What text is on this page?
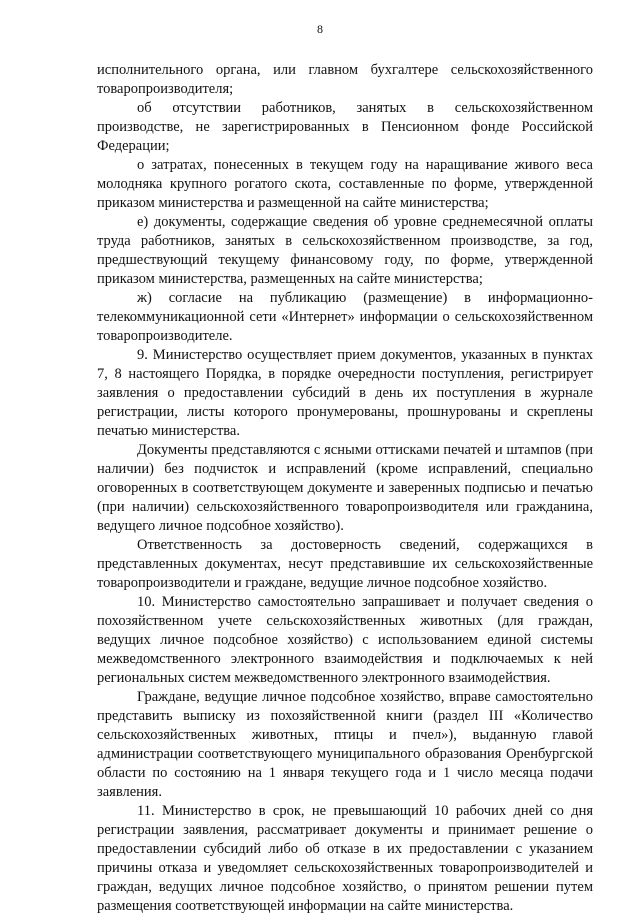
8

исполнительного органа, или главном бухгалтере сельскохозяйственного товаропроизводителя;

об отсутствии работников, занятых в сельскохозяйственном производстве, не зарегистрированных в Пенсионном фонде Российской Федерации;

о затратах, понесенных в текущем году на наращивание живого веса молодняка крупного рогатого скота, составленные по форме, утвержденной приказом министерства и размещенной на сайте министерства;

е) документы, содержащие сведения об уровне среднемесячной оплаты труда работников, занятых в сельскохозяйственном производстве, за год, предшествующий текущему финансовому году, по форме, утвержденной приказом министерства, размещенных на сайте министерства;

ж) согласие на публикацию (размещение) в информационно-телекоммуникационной сети «Интернет» информации о сельскохозяйственном товаропроизводителе.

9. Министерство осуществляет прием документов, указанных в пунктах 7, 8 настоящего Порядка, в порядке очередности поступления, регистрирует заявления о предоставлении субсидий в день их поступления в журнале регистрации, листы которого пронумерованы, прошнурованы и скреплены печатью министерства.

Документы представляются с ясными оттисками печатей и штампов (при наличии) без подчисток и исправлений (кроме исправлений, специально оговоренных в соответствующем документе и заверенных подписью и печатью (при наличии) сельскохозяйственного товаропроизводителя или гражданина, ведущего личное подсобное хозяйство).

Ответственность за достоверность сведений, содержащихся в представленных документах, несут представившие их сельскохозяйственные товаропроизводители и граждане, ведущие личное подсобное хозяйство.

10. Министерство самостоятельно запрашивает и получает сведения о похозяйственном учете сельскохозяйственных животных (для граждан, ведущих личное подсобное хозяйство) с использованием единой системы межведомственного электронного взаимодействия и подключаемых к ней региональных систем межведомственного электронного взаимодействия.

Граждане, ведущие личное подсобное хозяйство, вправе самостоятельно представить выписку из похозяйственной книги (раздел III «Количество сельскохозяйственных животных, птицы и пчел»), выданную главой администрации соответствующего муниципального образования Оренбургской области по состоянию на 1 января текущего года и 1 число месяца подачи заявления.

11. Министерство в срок, не превышающий 10 рабочих дней со дня регистрации заявления, рассматривает документы и принимает решение о предоставлении субсидий либо об отказе в их предоставлении с указанием причины отказа и уведомляет сельскохозяйственных товаропроизводителей и граждан, ведущих личное подсобное хозяйство, о принятом решении путем размещения соответствующей информации на сайте министерства.
